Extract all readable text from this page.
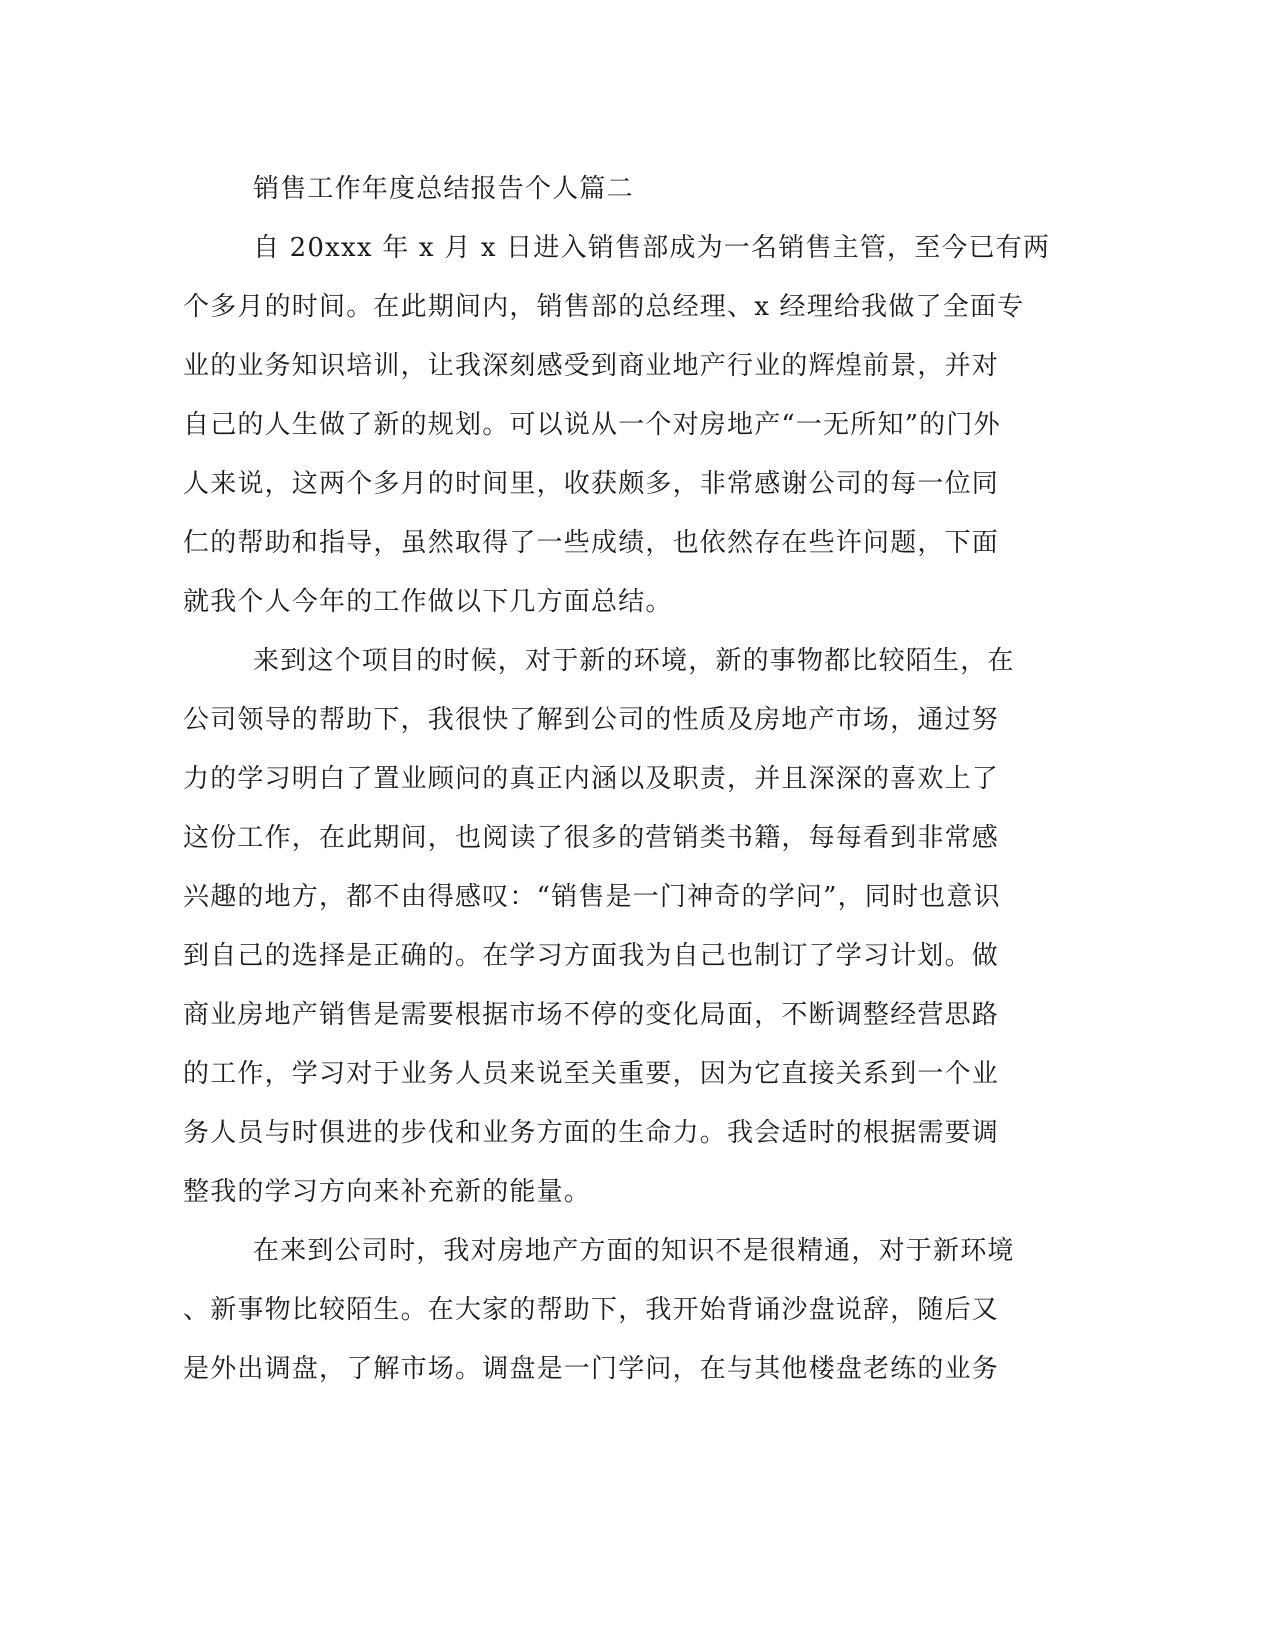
销售工作年度总结报告个人篇二
自 20xxx 年 x 月 x 日进入销售部成为一名销售主管，至今已有两
个多月的时间。在此期间内，销售部的总经理、x 经理给我做了全面专
业的业务知识培训，让我深刻感受到商业地产行业的辉煌前景，并对
自己的人生做了新的规划。可以说从一个对房地产“一无所知”的门外
人来说，这两个多月的时间里，收获颇多，非常感谢公司的每一位同
仁的帮助和指导，虽然取得了一些成绩，也依然存在些许问题，下面
就我个人今年的工作做以下几方面总结。
来到这个项目的时候，对于新的环境，新的事物都比较陌生，在
公司领导的帮助下，我很快了解到公司的性质及房地产市场，通过努
力的学习明白了置业顾问的真正内涵以及职责，并且深深的喜欢上了
这份工作，在此期间，也阅读了很多的营销类书籍，每每看到非常感
兴趣的地方，都不由得感叹：“销售是一门神奇的学问”，同时也意识
到自己的选择是正确的。在学习方面我为自己也制订了学习计划。做
商业房地产销售是需要根据市场不停的变化局面，不断调整经营思路
的工作，学习对于业务人员来说至关重要，因为它直接关系到一个业
务人员与时俱进的步伐和业务方面的生命力。我会适时的根据需要调
整我的学习方向来补充新的能量。
在来到公司时，我对房地产方面的知识不是很精通，对于新环境
、新事物比较陌生。在大家的帮助下，我开始背诵沙盘说辞，随后又
是外出调盘，了解市场。调盘是一门学问，在与其他楼盘老练的业务
